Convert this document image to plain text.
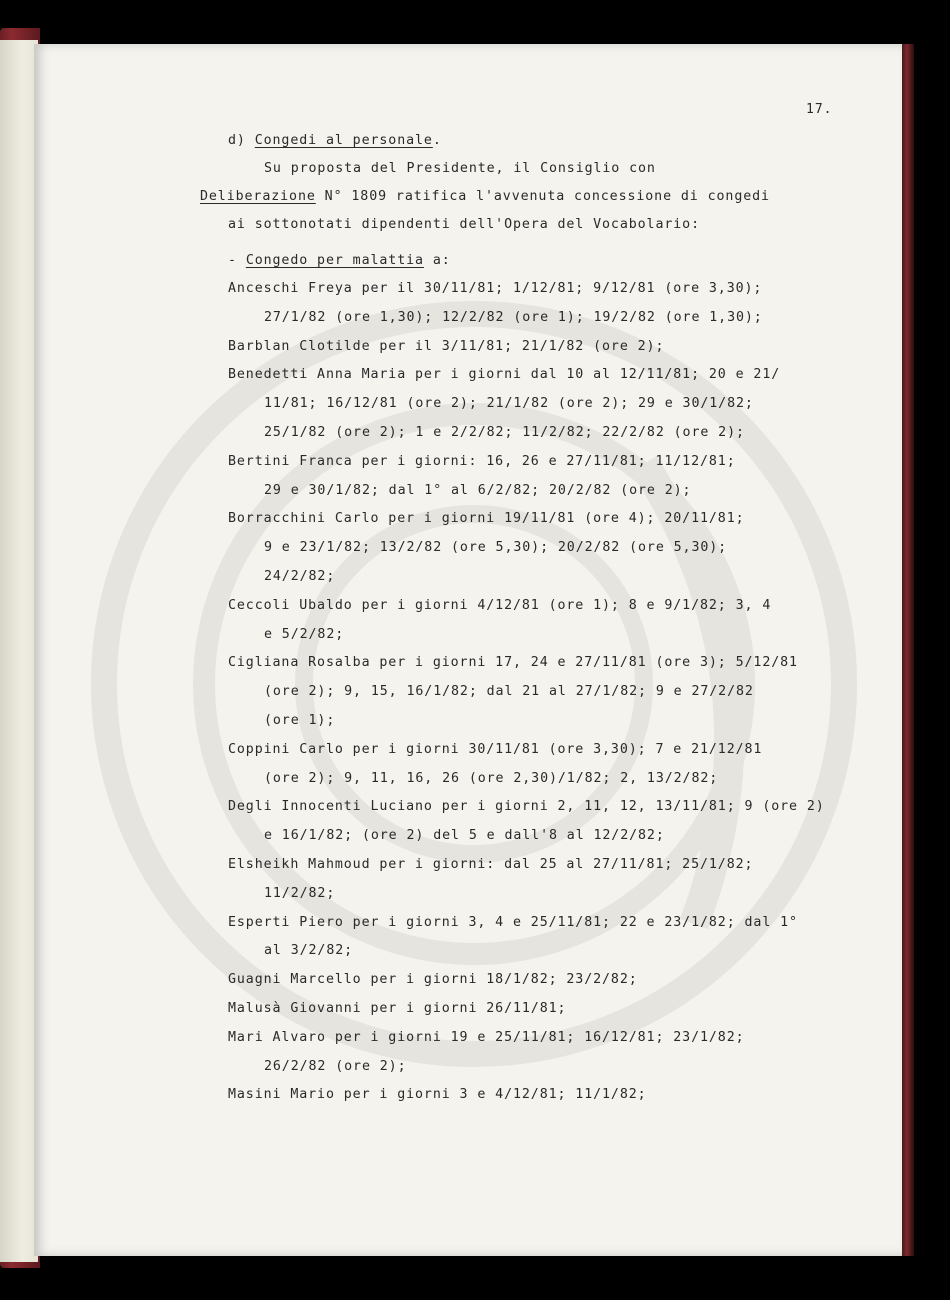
17.
d) Congedi al personale.
Su proposta del Presidente, il Consiglio con
Deliberazione N° 1809 ratifica l'avvenuta concessione di congedi
ai sottonotati dipendenti dell'Opera del Vocabolario:
- Congedo per malattia a:
Anceschi Freya per il 30/11/81; 1/12/81; 9/12/81 (ore 3,30);
27/1/82 (ore 1,30); 12/2/82 (ore 1); 19/2/82 (ore 1,30);
Barblan Clotilde per il 3/11/81; 21/1/82 (ore 2);
Benedetti Anna Maria per i giorni dal 10 al 12/11/81; 20 e 21/
11/81; 16/12/81 (ore 2); 21/1/82 (ore 2); 29 e 30/1/82;
25/1/82 (ore 2); 1 e 2/2/82; 11/2/82; 22/2/82 (ore 2);
Bertini Franca per i giorni: 16, 26 e 27/11/81; 11/12/81;
29 e 30/1/82; dal 1° al 6/2/82; 20/2/82 (ore 2);
Borracchini Carlo per i giorni 19/11/81 (ore 4); 20/11/81;
9 e 23/1/82; 13/2/82 (ore 5,30); 20/2/82 (ore 5,30);
24/2/82;
Ceccoli Ubaldo per i giorni 4/12/81 (ore 1); 8 e 9/1/82; 3, 4
e 5/2/82;
Cigliana Rosalba per i giorni 17, 24 e 27/11/81 (ore 3); 5/12/81
(ore 2); 9, 15, 16/1/82; dal 21 al 27/1/82; 9 e 27/2/82
(ore 1);
Coppini Carlo per i giorni 30/11/81 (ore 3,30); 7 e 21/12/81
(ore 2); 9, 11, 16, 26 (ore 2,30)/1/82; 2, 13/2/82;
Degli Innocenti Luciano per i giorni 2, 11, 12, 13/11/81; 9 (ore 2)
e 16/1/82; (ore 2) del 5 e dall'8 al 12/2/82;
Elsheikh Mahmoud per i giorni: dal 25 al 27/11/81; 25/1/82;
11/2/82;
Esperti Piero per i giorni 3, 4 e 25/11/81; 22 e 23/1/82; dal 1°
al 3/2/82;
Guagni Marcello per i giorni 18/1/82; 23/2/82;
Malusà Giovanni per i giorni 26/11/81;
Mari Alvaro per i giorni 19 e 25/11/81; 16/12/81; 23/1/82;
26/2/82 (ore 2);
Masini Mario per i giorni 3 e 4/12/81; 11/1/82;
